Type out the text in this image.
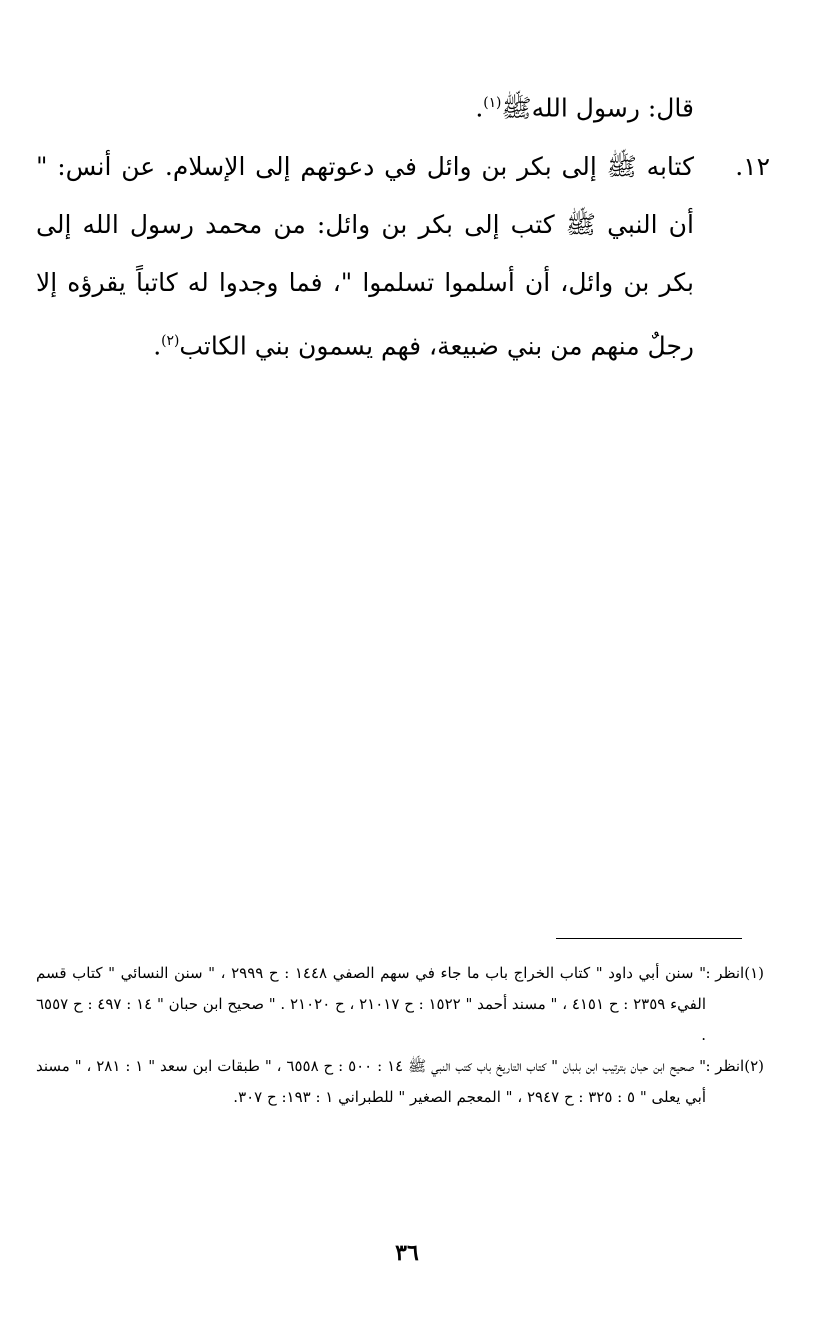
قال: رسول اللهﷺ$^{(١)}$.

١٢.
كتابه ﷺ إلى بكر بن وائل في دعوتهم إلى الإسلام. عن أنس: " أن النبي ﷺ كتب إلى بكر بن وائل: من محمد رسول الله إلى بكر بن وائل، أن أسلموا تسلموا "، فما وجدوا له كاتباً يقرؤه إلا رجلٌ منهم من بني ضبيعة، فهم يسمون بني الكاتب$^{(٢)}$.

(١)انظر :
" سنن أبي داود " كتاب الخراج باب ما جاء في سهم الصفي ١٤٤٨ : ح ٢٩٩٩ ، " سنن النسائي " كتاب قسم الفيء ٢٣٥٩ : ح ٤١٥١ ، " مسند أحمد " ١٥٢٢ : ح ٢١٠١٧ ، ح ٢١٠٢٠ . " صحيح ابن حبان " ١٤ : ٤٩٧ : ح ٦٥٥٧ .
(٢)انظر :
" صحيح ابن حبان بترتيب ابن بلبان " كتاب التاريخ باب كتب النبي ﷺ ١٤ : ٥٠٠ : ح ٦٥٥٨ ، " طبقات ابن سعد " ١ : ٢٨١ ، " مسند أبي يعلى " ٥ : ٣٢٥ : ح ٢٩٤٧ ، " المعجم الصغير " للطبراني ١ : ١٩٣: ح ٣٠٧.
٣٦
